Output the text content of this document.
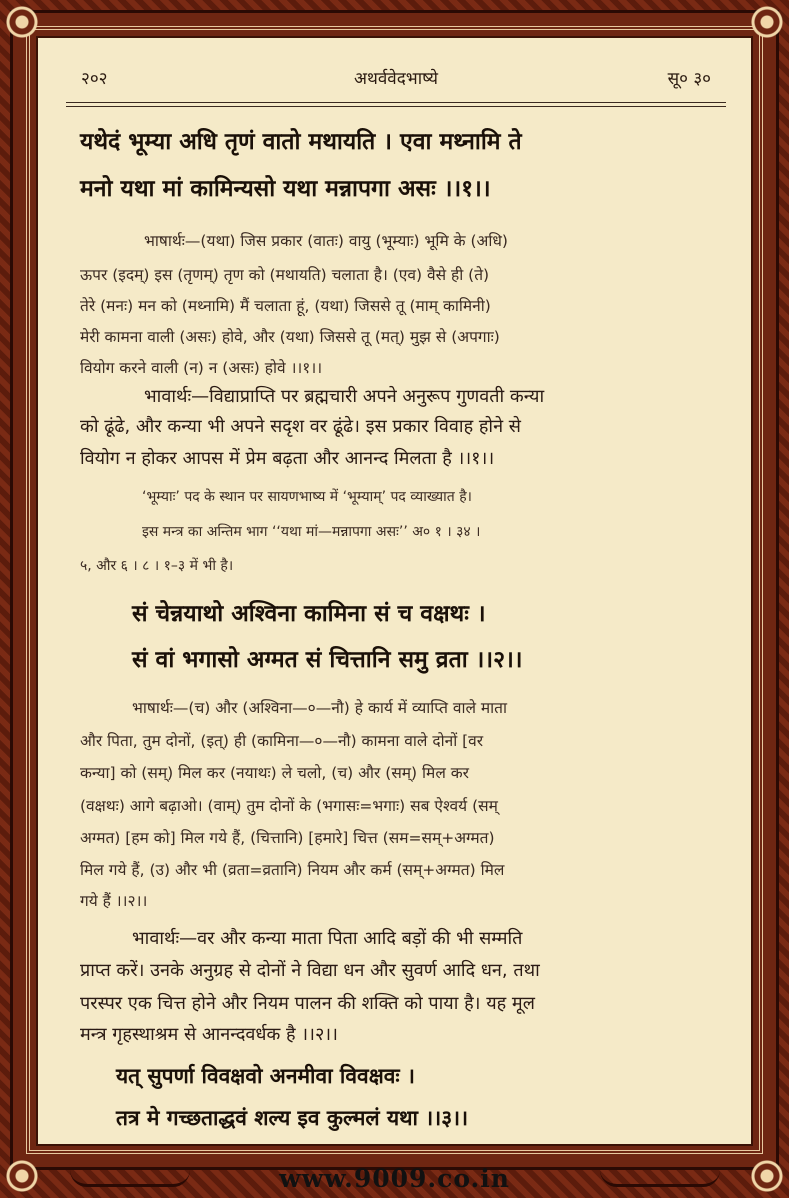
२०२	अथर्ववेदभाष्ये	सू० ३०
यथेदं भूम्या अधि तृणं वातो मथायति । एवा मथ्नामि ते
मनो यथा मां कामिन्यसो यथा मन्नापगा असः ।।१।।
भाषार्थः—(यथा) जिस प्रकार (वातः) वायु (भूम्याः) भूमि के (अधि)
ऊपर (इदम्) इस (तृणम्) तृण को (मथायति) चलाता है। (एव) वैसे ही (ते)
तेरे (मनः) मन को (मथ्नामि) मैं चलाता हूं, (यथा) जिससे तू (माम् कामिनी)
मेरी कामना वाली (असः) होवे, और (यथा) जिससे तू (मत्) मुझ से (अपगाः)
वियोग करने वाली (न) न (असः) होवे ।।१।।
भावार्थः—विद्याप्राप्ति पर ब्रह्मचारी अपने अनुरूप गुणवती कन्या
को ढूंढे, और कन्या भी अपने सदृश वर ढूंढे। इस प्रकार विवाह होने से
वियोग न होकर आपस में प्रेम बढ़ता और आनन्द मिलता है ।।१।।
‘भूम्याः’ पद के स्थान पर सायणभाष्य में ‘भूम्याम्’ पद व्याख्यात है।
इस मन्त्र का अन्तिम भाग ‘‘यथा मां—मन्नापगा असः’’ अ० १ । ३४ ।
५, और ६ । ८ । १–३ में भी है।
सं चेन्नयाथो अश्विना कामिना सं च वक्षथः ।
सं वां भगासो अग्मत सं चित्तानि समु व्रता ।।२।।
भाषार्थः—(च) और (अश्विना—०—नौ) हे कार्य में व्याप्ति वाले माता
और पिता, तुम दोनों, (इत्) ही (कामिना—०—नौ) कामना वाले दोनों [वर
कन्या] को (सम्) मिल कर (नयाथः) ले चलो, (च) और (सम्) मिल कर
(वक्षथः) आगे बढ़ाओ। (वाम्) तुम दोनों के (भगासः=भगाः) सब ऐश्वर्य (सम्
अग्मत) [हम को] मिल गये हैं, (चित्तानि) [हमारे] चित्त (सम=सम्+अग्मत)
मिल गये हैं, (उ) और भी (व्रता=व्रतानि) नियम और कर्म (सम्+अग्मत) मिल
गये हैं ।।२।।
भावार्थः—वर और कन्या माता पिता आदि बड़ों की भी सम्मति
प्राप्त करें। उनके अनुग्रह से दोनों ने विद्या धन और सुवर्ण आदि धन, तथा
परस्पर एक चित्त होने और नियम पालन की शक्ति को पाया है। यह मूल
मन्त्र गृहस्थाश्रम से आनन्दवर्धक है ।।२।।
यत् सुपर्णा विवक्षवो अनमीवा विवक्षवः ।
तत्र मे गच्छताद्धवं शल्य इव कुल्मलं यथा ।।३।।
www.9009.co.in
